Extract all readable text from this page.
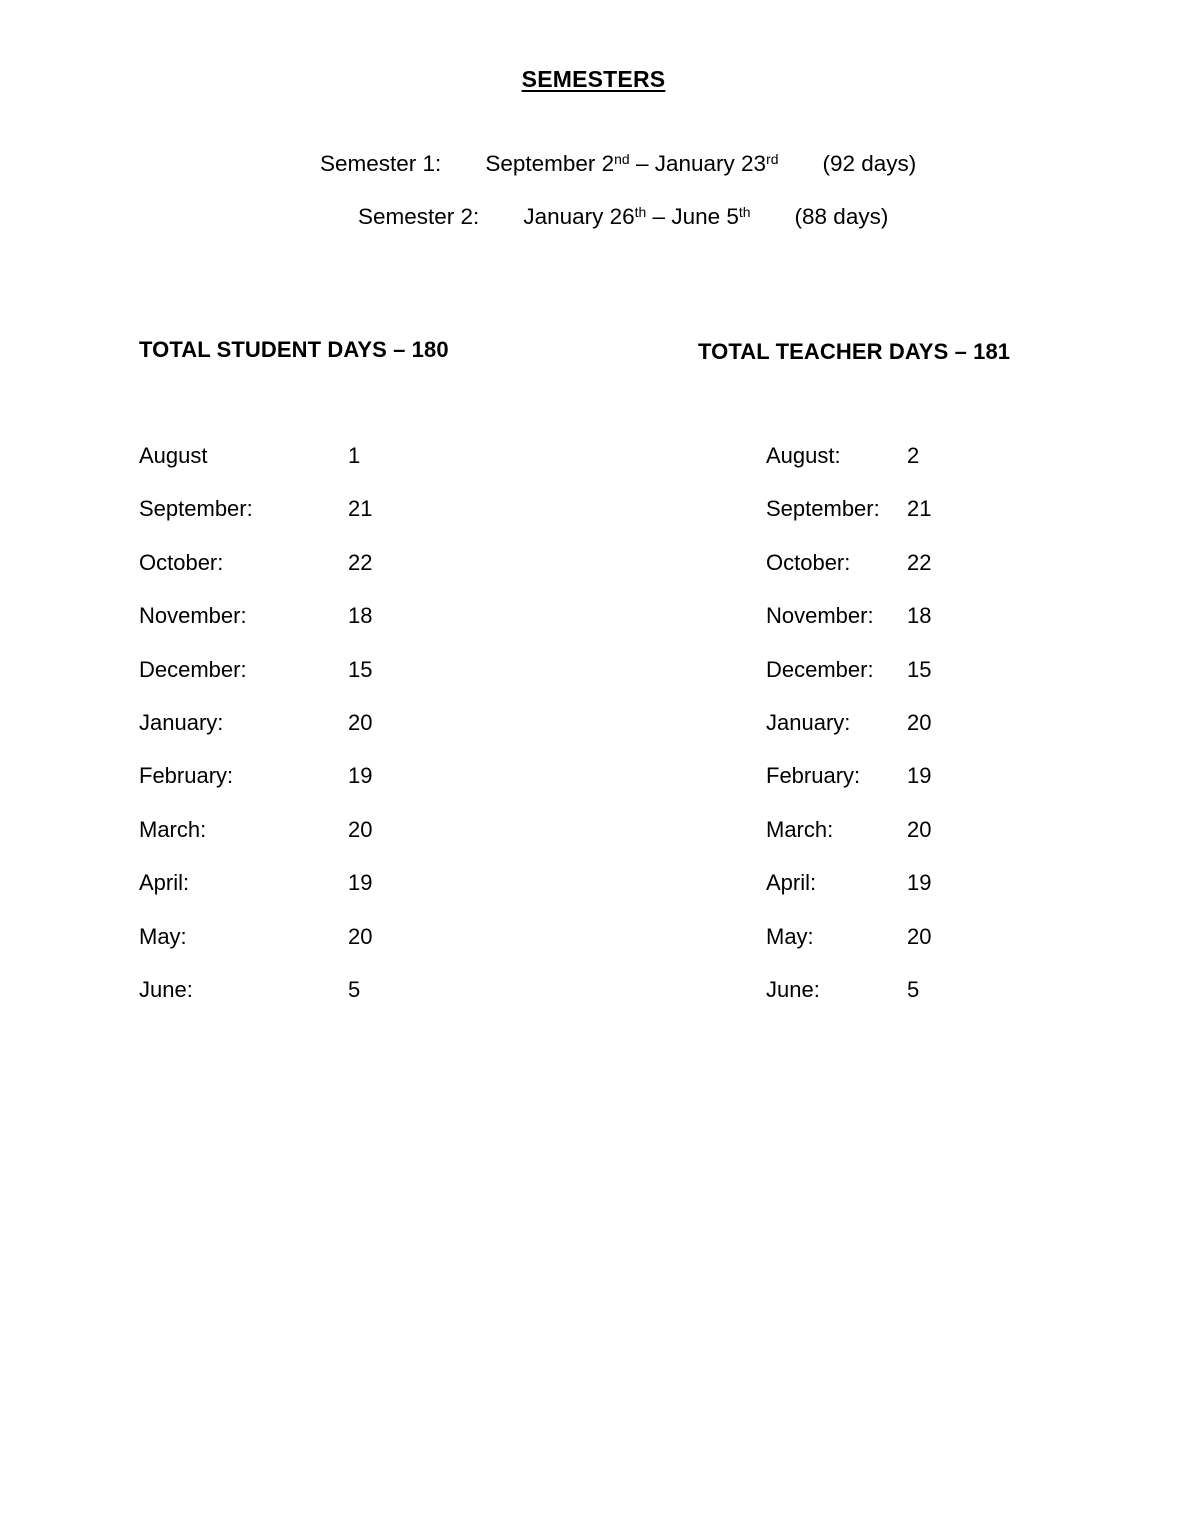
SEMESTERS
Semester 1: September 2nd – January 23rd (92 days)
Semester 2: January 26th – June 5th (88 days)
TOTAL STUDENT DAYS – 180	TOTAL TEACHER DAYS – 181
August	1
September:	21
October:	22
November:	18
December:	15
January:	20
February:	19
March:	20
April:	19
May:	20
June:	5
August:	2
September:	21
October:	22
November:	18
December:	15
January:	20
February:	19
March:	20
April:	19
May:	20
June:	5
